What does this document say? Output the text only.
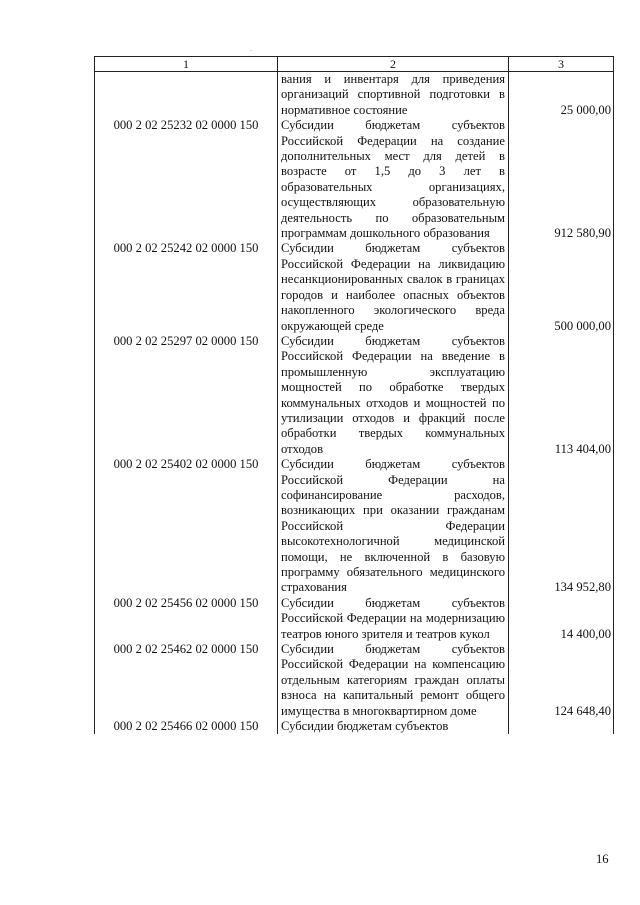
.
1	2	3
	вания и инвентаря для приведения организаций спортивной подготовки в нормативное состояние	25 000,00
000 2 02 25232 02 0000 150	Субсидии бюджетам субъектов Российской Федерации на создание дополнительных мест для детей в возрасте от 1,5 до 3 лет в образовательных организациях, осуществляющих образовательную деятельность по образовательным программам дошкольного образования	912 580,90
000 2 02 25242 02 0000 150	Субсидии бюджетам субъектов Российской Федерации на ликвидацию несанкционированных свалок в границах городов и наиболее опасных объектов накопленного экологического вреда окружающей среде	500 000,00
000 2 02 25297 02 0000 150	Субсидии бюджетам субъектов Российской Федерации на введение в промышленную эксплуатацию мощностей по обработке твердых коммунальных отходов и мощностей по утилизации отходов и фракций после обработки твердых коммунальных отходов	113 404,00
000 2 02 25402 02 0000 150	Субсидии бюджетам субъектов Российской Федерации на софинансирование расходов, возникающих при оказании гражданам Российской Федерации высокотехнологичной медицинской помощи, не включенной в базовую программу обязательного медицинского страхования	134 952,80
000 2 02 25456 02 0000 150	Субсидии бюджетам субъектов Российской Федерации на модернизацию театров юного зрителя и театров кукол	14 400,00
000 2 02 25462 02 0000 150	Субсидии бюджетам субъектов Российской Федерации на компенсацию отдельным категориям граждан оплаты взноса на капитальный ремонт общего имущества в многоквартирном доме	124 648,40
000 2 02 25466 02 0000 150	Субсидии бюджетам субъектов	
16
